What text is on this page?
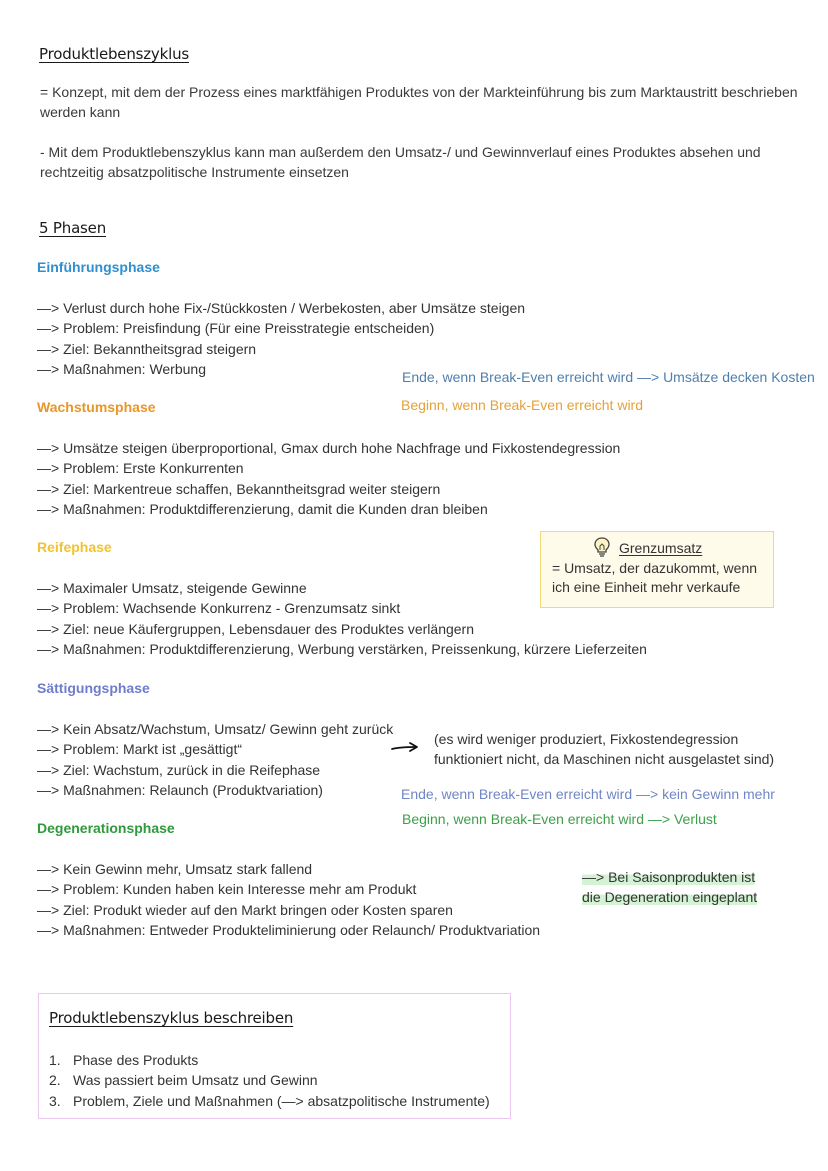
Produktlebenszyklus
= Konzept, mit dem der Prozess eines marktfähigen Produktes von der Markteinführung bis zum Marktaustritt beschrieben werden kann
- Mit dem Produktlebenszyklus kann man außerdem den Umsatz-/ und Gewinnverlauf eines Produktes absehen und rechtzeitig absatzpolitische Instrumente einsetzen
5 Phasen
Einführungsphase
—> Verlust durch hohe Fix-/Stückkosten / Werbekosten, aber Umsätze steigen
—> Problem: Preisfindung (Für eine Preisstrategie entscheiden)
—> Ziel: Bekanntheitsgrad steigern
—> Maßnahmen: Werbung
Ende, wenn Break-Even erreicht wird —> Umsätze decken Kosten
Beginn, wenn Break-Even erreicht wird
Wachstumsphase
—> Umsätze steigen überproportional, Gmax durch hohe Nachfrage und Fixkostendegression
—> Problem: Erste Konkurrenten
—> Ziel: Markentreue schaffen, Bekanntheitsgrad weiter steigern
—> Maßnahmen: Produktdifferenzierung, damit die Kunden dran bleiben
Reifephase
—> Maximaler Umsatz, steigende Gewinne
—> Problem: Wachsende Konkurrenz - Grenzumsatz sinkt
—> Ziel: neue Käufergruppen, Lebensdauer des Produktes verlängern
—> Maßnahmen: Produktdifferenzierung, Werbung verstärken, Preissenkung, kürzere Lieferzeiten
Grenzumsatz
= Umsatz, der dazukommt, wenn
ich eine Einheit mehr verkaufe
Sättigungsphase
—> Kein Absatz/Wachstum, Umsatz/ Gewinn geht zurück
—> Problem: Markt ist „gesättigt“
—> Ziel: Wachstum, zurück in die Reifephase
—> Maßnahmen: Relaunch (Produktvariation)
(es wird weniger produziert, Fixkostendegression
funktioniert nicht, da Maschinen nicht ausgelastet sind)
Ende, wenn Break-Even erreicht wird —> kein Gewinn mehr
Beginn, wenn Break-Even erreicht wird —> Verlust
Degenerationsphase
—> Kein Gewinn mehr, Umsatz stark fallend
—> Problem: Kunden haben kein Interesse mehr am Produkt
—> Ziel: Produkt wieder auf den Markt bringen oder Kosten sparen
—> Maßnahmen: Entweder Produkteliminierung oder Relaunch/ Produktvariation
—> Bei Saisonprodukten ist
die Degeneration eingeplant
Produktlebenszyklus beschreiben
1. Phase des Produkts
2. Was passiert beim Umsatz und Gewinn
3. Problem, Ziele und Maßnahmen (—> absatzpolitische Instrumente)
